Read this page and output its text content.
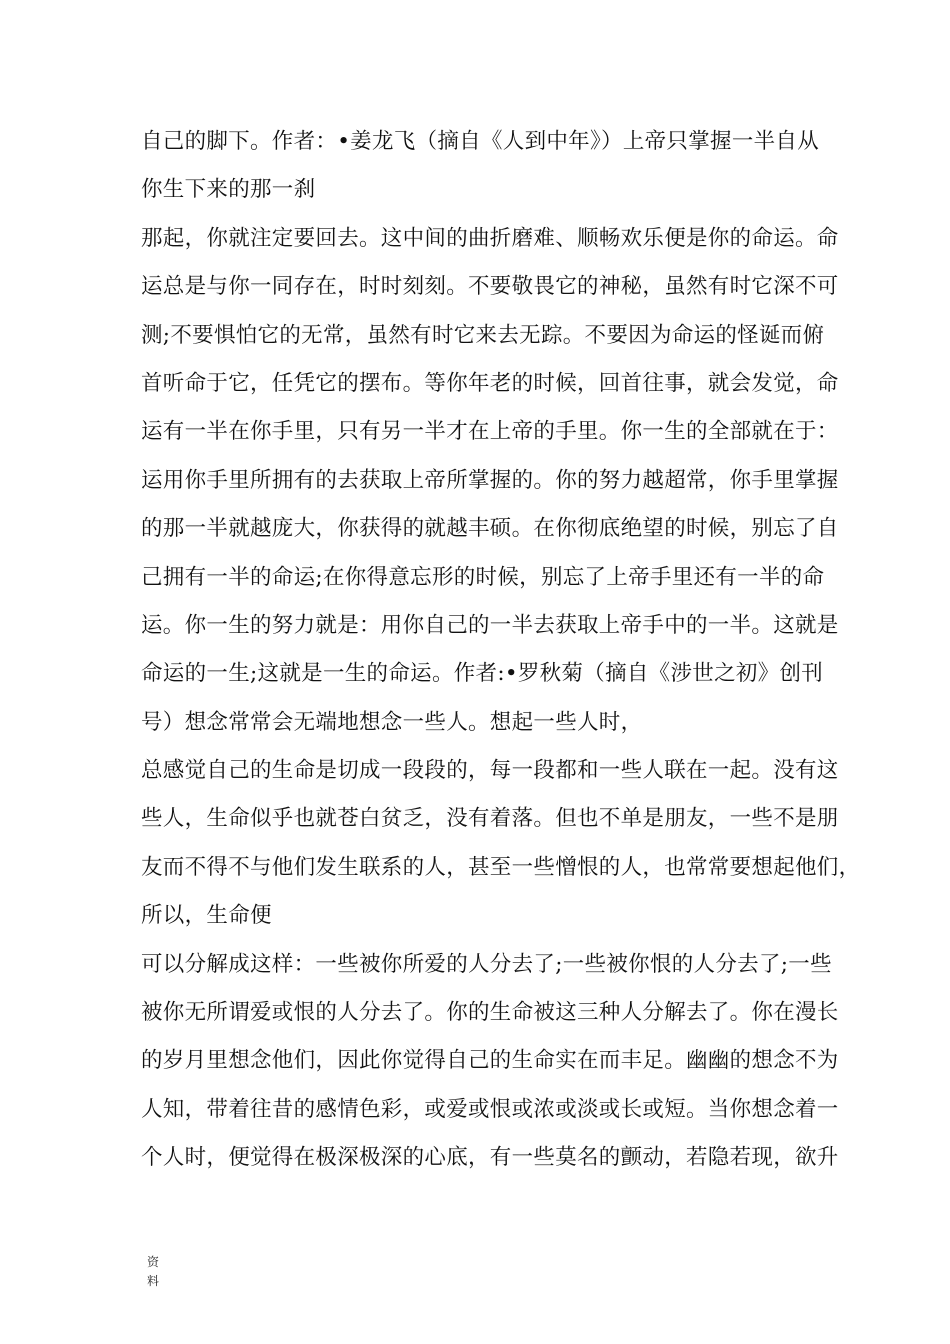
自己的脚下。作者：•姜龙飞（摘自《人到中年》）上帝只掌握一半自从
你生下来的那一刹
那起，你就注定要回去。这中间的曲折磨难、顺畅欢乐便是你的命运。命
运总是与你一同存在，时时刻刻。不要敬畏它的神秘，虽然有时它深不可
测;不要惧怕它的无常，虽然有时它来去无踪。不要因为命运的怪诞而俯
首听命于它，任凭它的摆布。等你年老的时候，回首往事，就会发觉，命
运有一半在你手里，只有另一半才在上帝的手里。你一生的全部就在于：
运用你手里所拥有的去获取上帝所掌握的。你的努力越超常，你手里掌握
的那一半就越庞大，你获得的就越丰硕。在你彻底绝望的时候，别忘了自
己拥有一半的命运;在你得意忘形的时候，别忘了上帝手里还有一半的命
运。你一生的努力就是：用你自己的一半去获取上帝手中的一半。这就是
命运的一生;这就是一生的命运。作者:•罗秋菊（摘自《涉世之初》创刊
号）想念常常会无端地想念一些人。想起一些人时，
总感觉自己的生命是切成一段段的，每一段都和一些人联在一起。没有这
些人，生命似乎也就苍白贫乏，没有着落。但也不单是朋友，一些不是朋
友而不得不与他们发生联系的人，甚至一些憎恨的人，也常常要想起他们，
所以，生命便
可以分解成这样：一些被你所爱的人分去了;一些被你恨的人分去了;一些
被你无所谓爱或恨的人分去了。你的生命被这三种人分解去了。你在漫长
的岁月里想念他们，因此你觉得自己的生命实在而丰足。幽幽的想念不为
人知，带着往昔的感情色彩，或爱或恨或浓或淡或长或短。当你想念着一
个人时，便觉得在极深极深的心底，有一些莫名的颤动，若隐若现，欲升
资
料
